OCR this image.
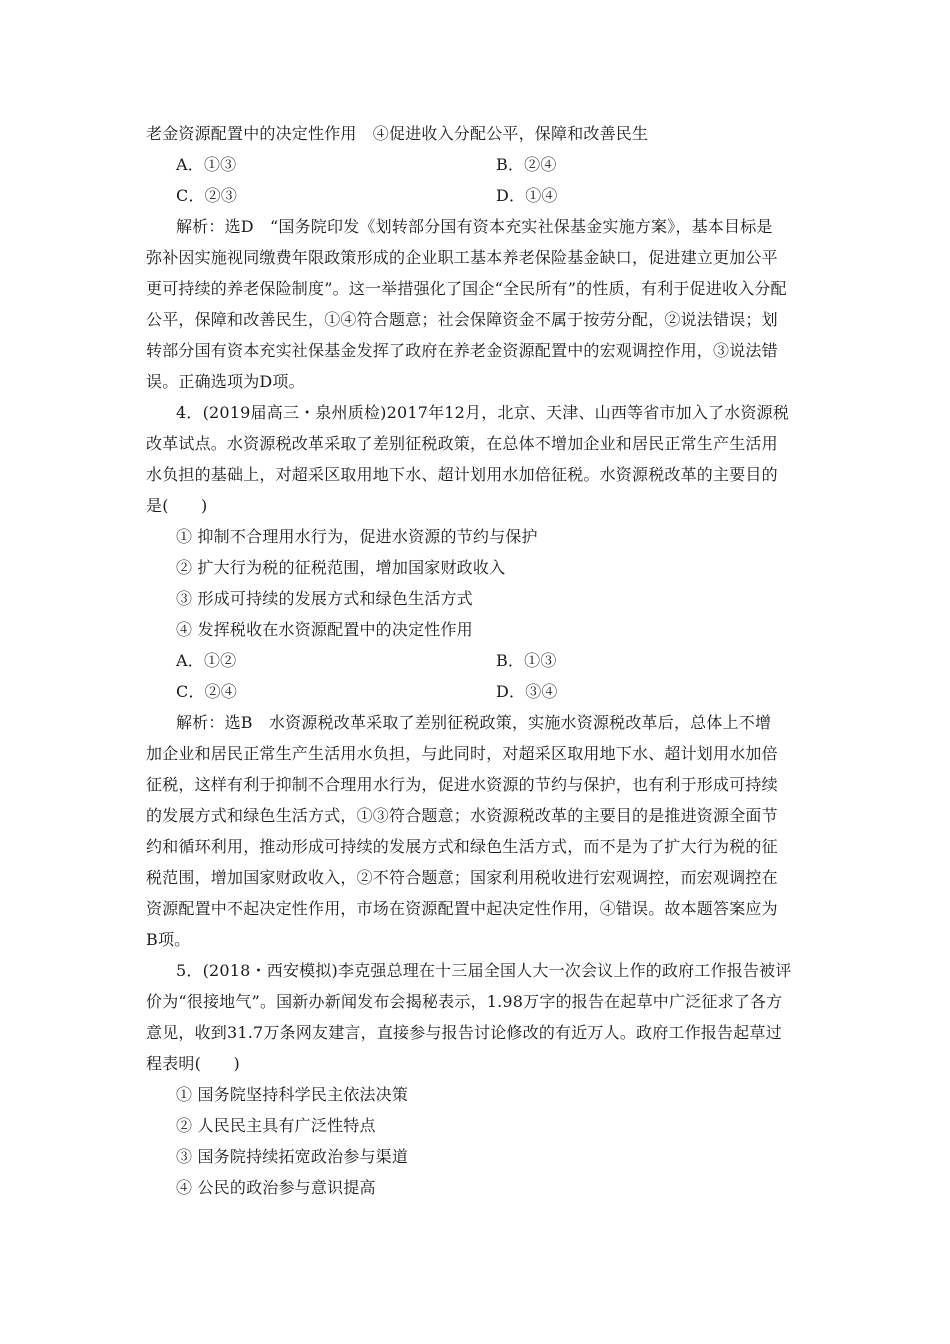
老金资源配置中的决定性作用　④促进收入分配公平，保障和改善民生
A．①③	B．②④
C．②③	D．①④
解析：选D　“国务院印发《划转部分国有资本充实社保基金实施方案》，基本目标是
弥补因实施视同缴费年限政策形成的企业职工基本养老保险基金缺口，促进建立更加公平
更可持续的养老保险制度”。这一举措强化了国企“全民所有”的性质，有利于促进收入分配
公平，保障和改善民生，①④符合题意；社会保障资金不属于按劳分配，②说法错误；划
转部分国有资本充实社保基金发挥了政府在养老金资源配置中的宏观调控作用，③说法错
误。正确选项为D项。
4．(2019届高三・泉州质检)2017年12月，北京、天津、山西等省市加入了水资源税
改革试点。水资源税改革采取了差别征税政策，在总体不增加企业和居民正常生产生活用
水负担的基础上，对超采区取用地下水、超计划用水加倍征税。水资源税改革的主要目的
是(　　)
① 抑制不合理用水行为，促进水资源的节约与保护
② 扩大行为税的征税范围，增加国家财政收入
③ 形成可持续的发展方式和绿色生活方式
④ 发挥税收在水资源配置中的决定性作用
A．①②	B．①③
C．②④	D．③④
解析：选B　水资源税改革采取了差别征税政策，实施水资源税改革后，总体上不增
加企业和居民正常生产生活用水负担，与此同时，对超采区取用地下水、超计划用水加倍
征税，这样有利于抑制不合理用水行为，促进水资源的节约与保护，也有利于形成可持续
的发展方式和绿色生活方式，①③符合题意；水资源税改革的主要目的是推进资源全面节
约和循环利用，推动形成可持续的发展方式和绿色生活方式，而不是为了扩大行为税的征
税范围，增加国家财政收入，②不符合题意；国家利用税收进行宏观调控，而宏观调控在
资源配置中不起决定性作用，市场在资源配置中起决定性作用，④错误。故本题答案应为
B项。
5．(2018・西安模拟)李克强总理在十三届全国人大一次会议上作的政府工作报告被评
价为“很接地气”。国新办新闻发布会揭秘表示，1.98万字的报告在起草中广泛征求了各方
意见，收到31.7万条网友建言，直接参与报告讨论修改的有近万人。政府工作报告起草过
程表明(　　)
① 国务院坚持科学民主依法决策
② 人民民主具有广泛性特点
③ 国务院持续拓宽政治参与渠道
④ 公民的政治参与意识提高
